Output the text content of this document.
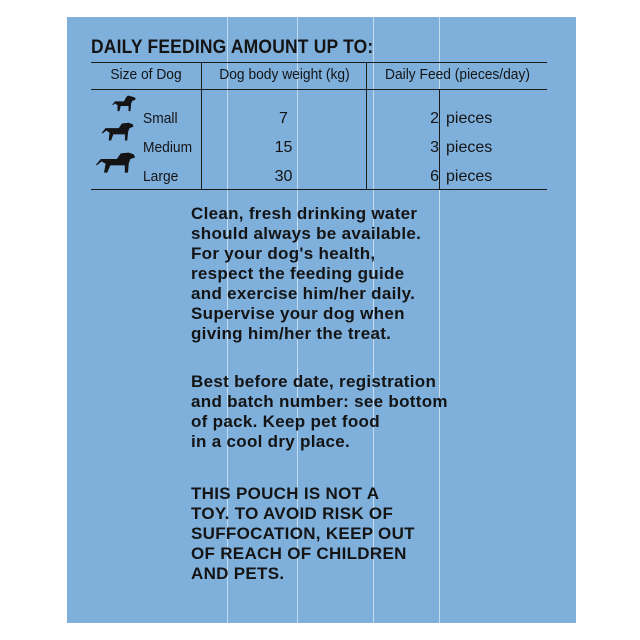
DAILY FEEDING AMOUNT UP TO:
Size of Dog	Dog body weight (kg)	Daily Feed (pieces/day)
Small	7	2 pieces
Medium	15	3 pieces
Large	30	6 pieces
Clean, fresh drinking water
should always be available.
For your dog's health,
respect the feeding guide
and exercise him/her daily.
Supervise your dog when
giving him/her the treat.
Best before date, registration
and batch number: see bottom
of pack. Keep pet food
in a cool dry place.
THIS POUCH IS NOT A
TOY. TO AVOID RISK OF
SUFFOCATION, KEEP OUT
OF REACH OF CHILDREN
AND PETS.
